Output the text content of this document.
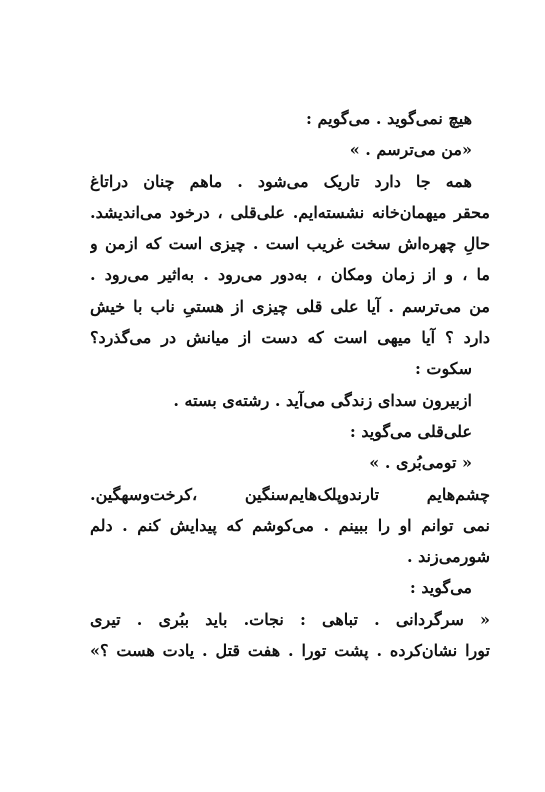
هیچ نمی‌گوید . می‌گویم :
«من می‌ترسم . »
همه جا دارد تاریک می‌شود . ماهم چنان دراتاغ
محقر میهمان‌خانه نشسته‌ایم. علی‌قلی ، درخود می‌اندیشد.
حالِ چهره‌اش سخت غریب است . چیزی است که ازمن و
ما ، و از زمان ومکان ، به‌دور می‌رود . به‌اثیر می‌رود .
من می‌ترسم . آیا علی قلی چیزی از هستیِ ناب با خیش
دارد ؟ آیا میهی است که دست از میانش در می‌گذرد؟
سکوت :
ازبیرون سدای زندگی می‌آید . رشته‌ی بسته .
علی‌قلی می‌گوید :
« تومی‌بُری . »
چشم‌هایم تارندوپلک‌هایم‌سنگین ،کرخت‌وسهگین.
نمی توانم او را ببینم . می‌کوشم که پیدایش کنم . دلم
شورمی‌زند .
می‌گوید :
« سرگردانی . تباهی : نجات. باید ببُری . تیری
تورا نشان‌کرده . پشت تورا . هفت قتل . یادت هست ؟»
